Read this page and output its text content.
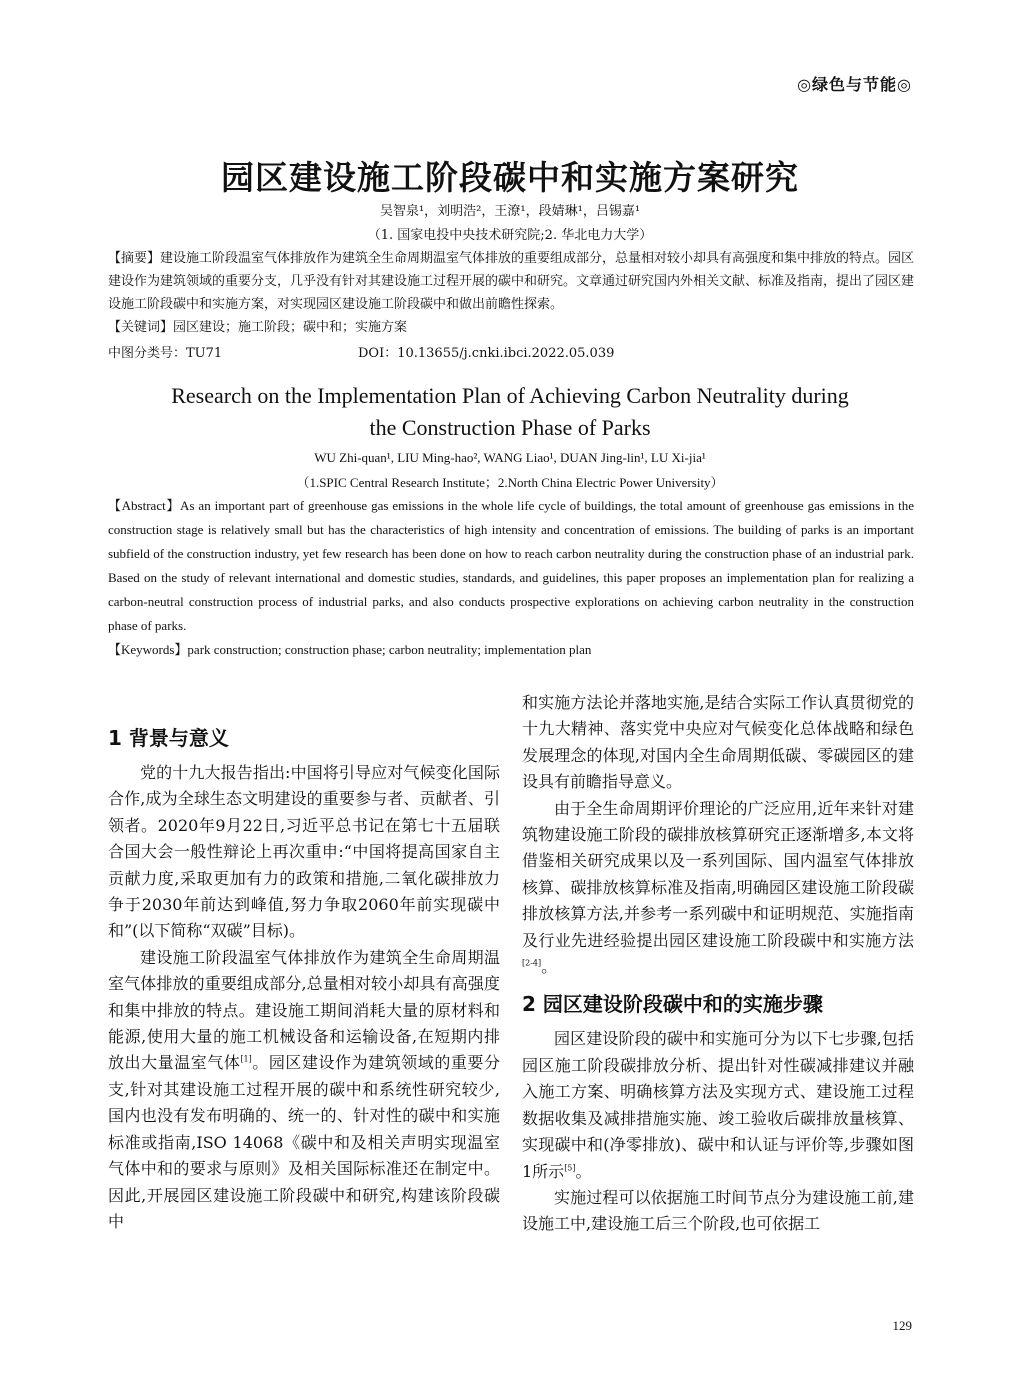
◎绿色与节能◎
园区建设施工阶段碳中和实施方案研究
吴智泉¹，刘明浩²，王潦¹，段婧琳¹，吕锡嘉¹
（1. 国家电投中央技术研究院;2. 华北电力大学）

【摘要】建设施工阶段温室气体排放作为建筑全生命周期温室气体排放的重要组成部分，总量相对较小却具有高强度和集中排放的特点。园区建设作为建筑领域的重要分支，几乎没有针对其建设施工过程开展的碳中和研究。文章通过研究国内外相关文献、标准及指南，提出了园区建设施工阶段碳中和实施方案，对实现园区建设施工阶段碳中和做出前瞻性探索。

【关键词】园区建设；施工阶段；碳中和；实施方案

中图分类号：TU71	DOI：10.13655/j.cnki.ibci.2022.05.039
Research on the Implementation Plan of Achieving Carbon Neutrality during
the Construction Phase of Parks
WU Zhi-quan¹, LIU Ming-hao², WANG Liao¹, DUAN Jing-lin¹, LU Xi-jia¹
（1.SPIC Central Research Institute；2.North China Electric Power University）

【Abstract】As an important part of greenhouse gas emissions in the whole life cycle of buildings, the total amount of greenhouse gas emissions in the construction stage is relatively small but has the characteristics of high intensity and concentration of emissions. The building of parks is an important subfield of the construction industry, yet few research has been done on how to reach carbon neutrality during the construction phase of an industrial park. Based on the study of relevant international and domestic studies, standards, and guidelines, this paper proposes an implementation plan for realizing a carbon-neutral construction process of industrial parks, and also conducts prospective explorations on achieving carbon neutrality in the construction phase of parks.

【Keywords】park construction; construction phase; carbon neutrality; implementation plan

1 背景与意义

党的十九大报告指出:中国将引导应对气候变化国际合作,成为全球生态文明建设的重要参与者、贡献者、引领者。2020年9月22日,习近平总书记在第七十五届联合国大会一般性辩论上再次重申:“中国将提高国家自主贡献力度,采取更加有力的政策和措施,二氧化碳排放力争于2030年前达到峰值,努力争取2060年前实现碳中和”(以下简称“双碳”目标)。

建设施工阶段温室气体排放作为建筑全生命周期温室气体排放的重要组成部分,总量相对较小却具有高强度和集中排放的特点。建设施工期间消耗大量的原材料和能源,使用大量的施工机械设备和运输设备,在短期内排放出大量温室气体[1]。园区建设作为建筑领域的重要分支,针对其建设施工过程开展的碳中和系统性研究较少,国内也没有发布明确的、统一的、针对性的碳中和实施标准或指南,ISO 14068《碳中和及相关声明实现温室气体中和的要求与原则》及相关国际标准还在制定中。因此,开展园区建设施工阶段碳中和研究,构建该阶段碳中

和实施方法论并落地实施,是结合实际工作认真贯彻党的十九大精神、落实党中央应对气候变化总体战略和绿色发展理念的体现,对国内全生命周期低碳、零碳园区的建设具有前瞻指导意义。

由于全生命周期评价理论的广泛应用,近年来针对建筑物建设施工阶段的碳排放核算研究正逐渐增多,本文将借鉴相关研究成果以及一系列国际、国内温室气体排放核算、碳排放核算标准及指南,明确园区建设施工阶段碳排放核算方法,并参考一系列碳中和证明规范、实施指南及行业先进经验提出园区建设施工阶段碳中和实施方法[2-4]。

2 园区建设阶段碳中和的实施步骤

园区建设阶段的碳中和实施可分为以下七步骤,包括园区施工阶段碳排放分析、提出针对性碳减排建议并融入施工方案、明确核算方法及实现方式、建设施工过程数据收集及减排措施实施、竣工验收后碳排放量核算、实现碳中和(净零排放)、碳中和认证与评价等,步骤如图1所示[5]。

实施过程可以依据施工时间节点分为建设施工前,建设施工中,建设施工后三个阶段,也可依据工

129
